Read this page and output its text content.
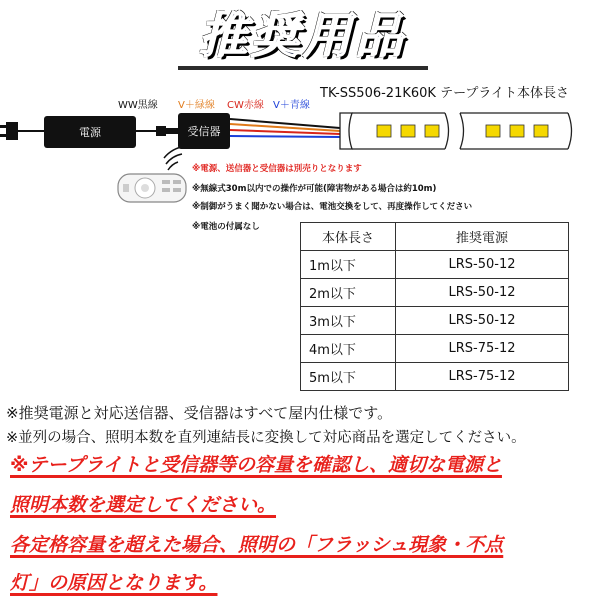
推奨用品
TK-SS506-21K60K テープライト本体長さ
WW黒線 V＋緑線 CW赤線 V＋青線
電源	受信器
※電源、送信器と受信器は別売りとなります
※無線式30m以内での操作が可能(障害物がある場合は約10m)
※制御がうまく聞かない場合は、電池交換をして、再度操作してください
※電池の付属なし
本体長さ	推奨電源
1m以下	LRS-50-12
2m以下	LRS-50-12
3m以下	LRS-50-12
4m以下	LRS-75-12
5m以下	LRS-75-12
※推奨電源と対応送信器、受信器はすべて屋内仕様です。
※並列の場合、照明本数を直列連結長に変換して対応商品を選定してください。
※テープライトと受信器等の容量を確認し、適切な電源と
照明本数を選定してください。
各定格容量を超えた場合、照明の「フラッシュ現象・不点
灯」の原因となります。
